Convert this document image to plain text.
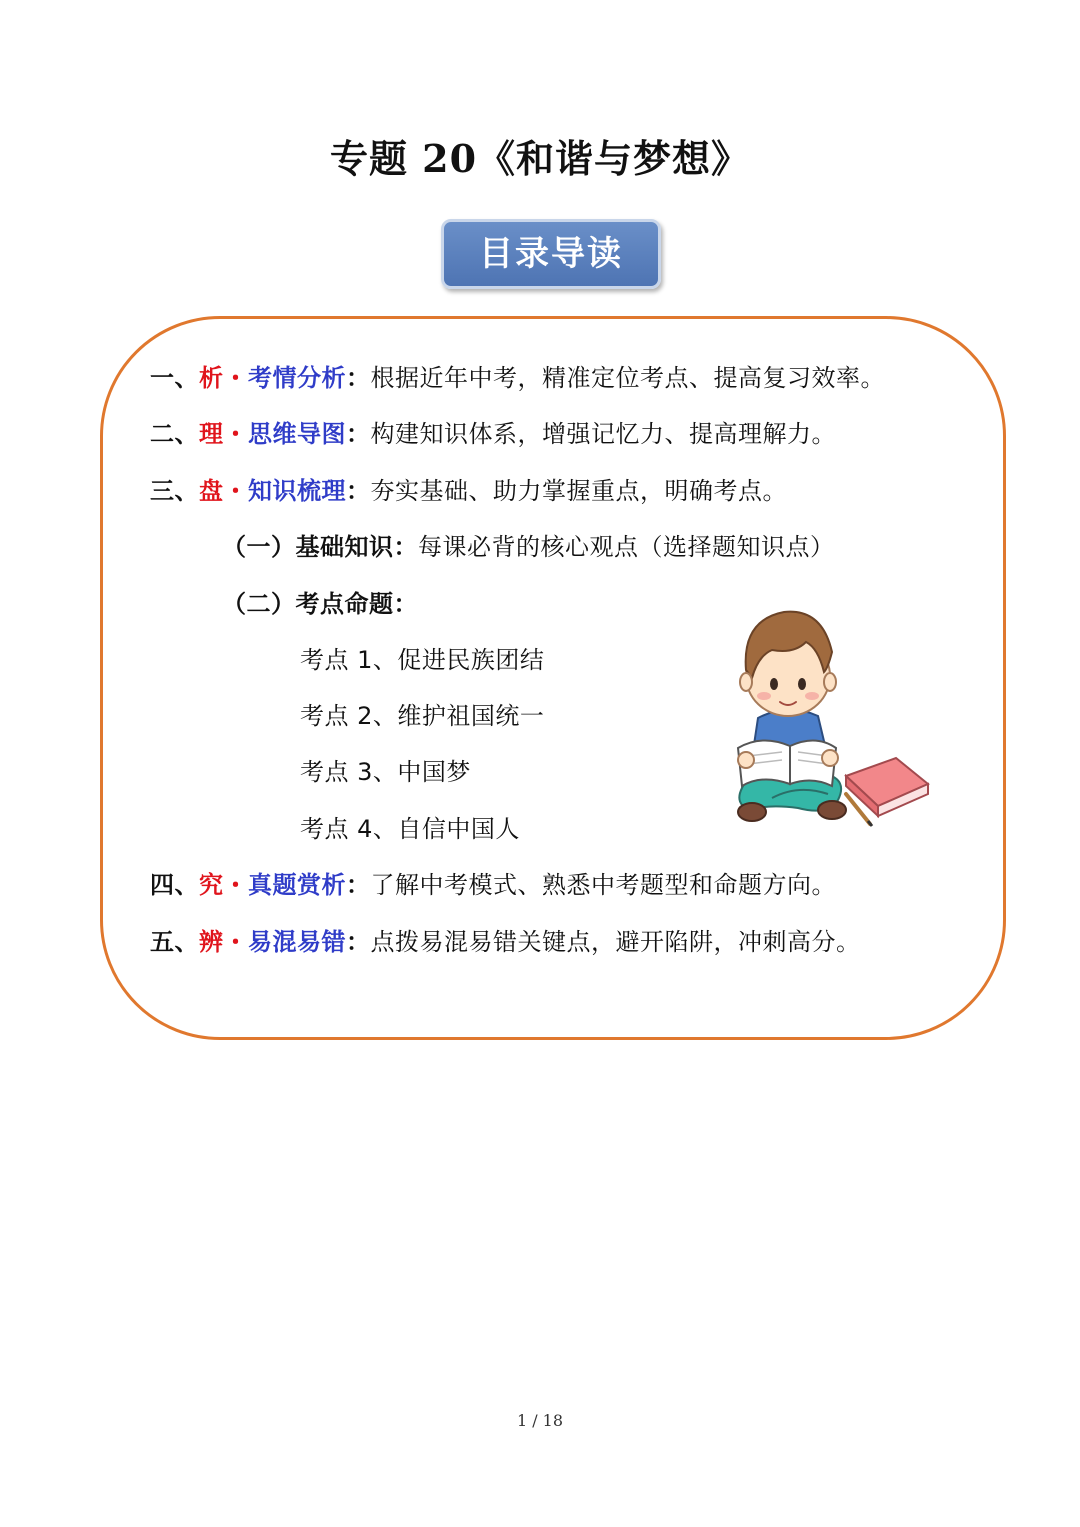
专题 20《和谐与梦想》
目录导读
一、析・考情分析：根据近年中考，精准定位考点、提高复习效率。
二、理・思维导图：构建知识体系，增强记忆力、提高理解力。
三、盘・知识梳理：夯实基础、助力掌握重点，明确考点。
（一）基础知识：每课必背的核心观点（选择题知识点）
（二）考点命题：
考点 1、促进民族团结
考点 2、维护祖国统一
考点 3、中国梦
考点 4、自信中国人
四、究・真题赏析：了解中考模式、熟悉中考题型和命题方向。
五、辨・易混易错：点拨易混易错关键点，避开陷阱，冲刺高分。
1 / 18
